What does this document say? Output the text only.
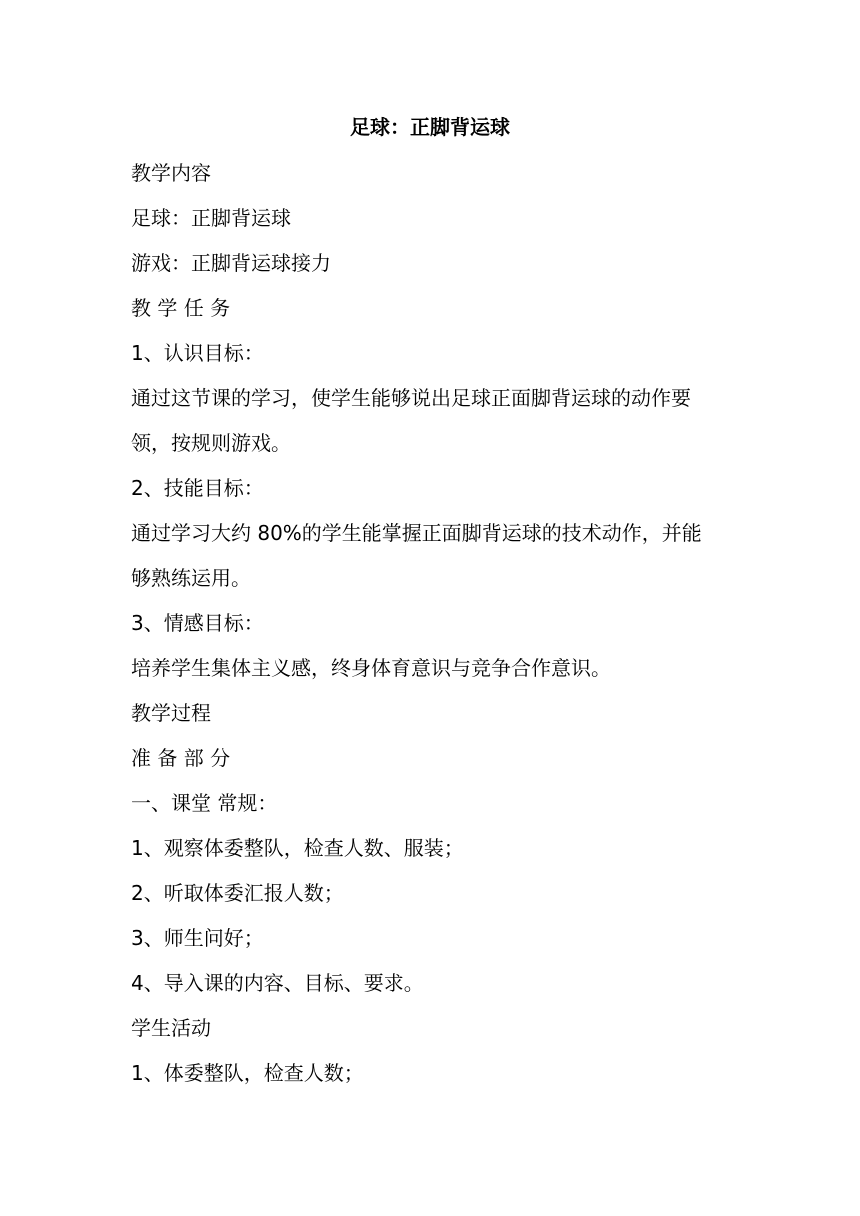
足球：正脚背运球
教学内容
足球：正脚背运球
游戏：正脚背运球接力
教 学 任 务
1、认识目标：
通过这节课的学习，使学生能够说出足球正面脚背运球的动作要
领，按规则游戏。
2、技能目标：
通过学习大约 80%的学生能掌握正面脚背运球的技术动作，并能
够熟练运用。
3、情感目标：
培养学生集体主义感，终身体育意识与竞争合作意识。
教学过程
准 备 部 分
一、课堂 常规：
1、观察体委整队，检查人数、服装；
2、听取体委汇报人数；
3、师生问好；
4、导入课的内容、目标、要求。
学生活动
1、体委整队，检查人数；
